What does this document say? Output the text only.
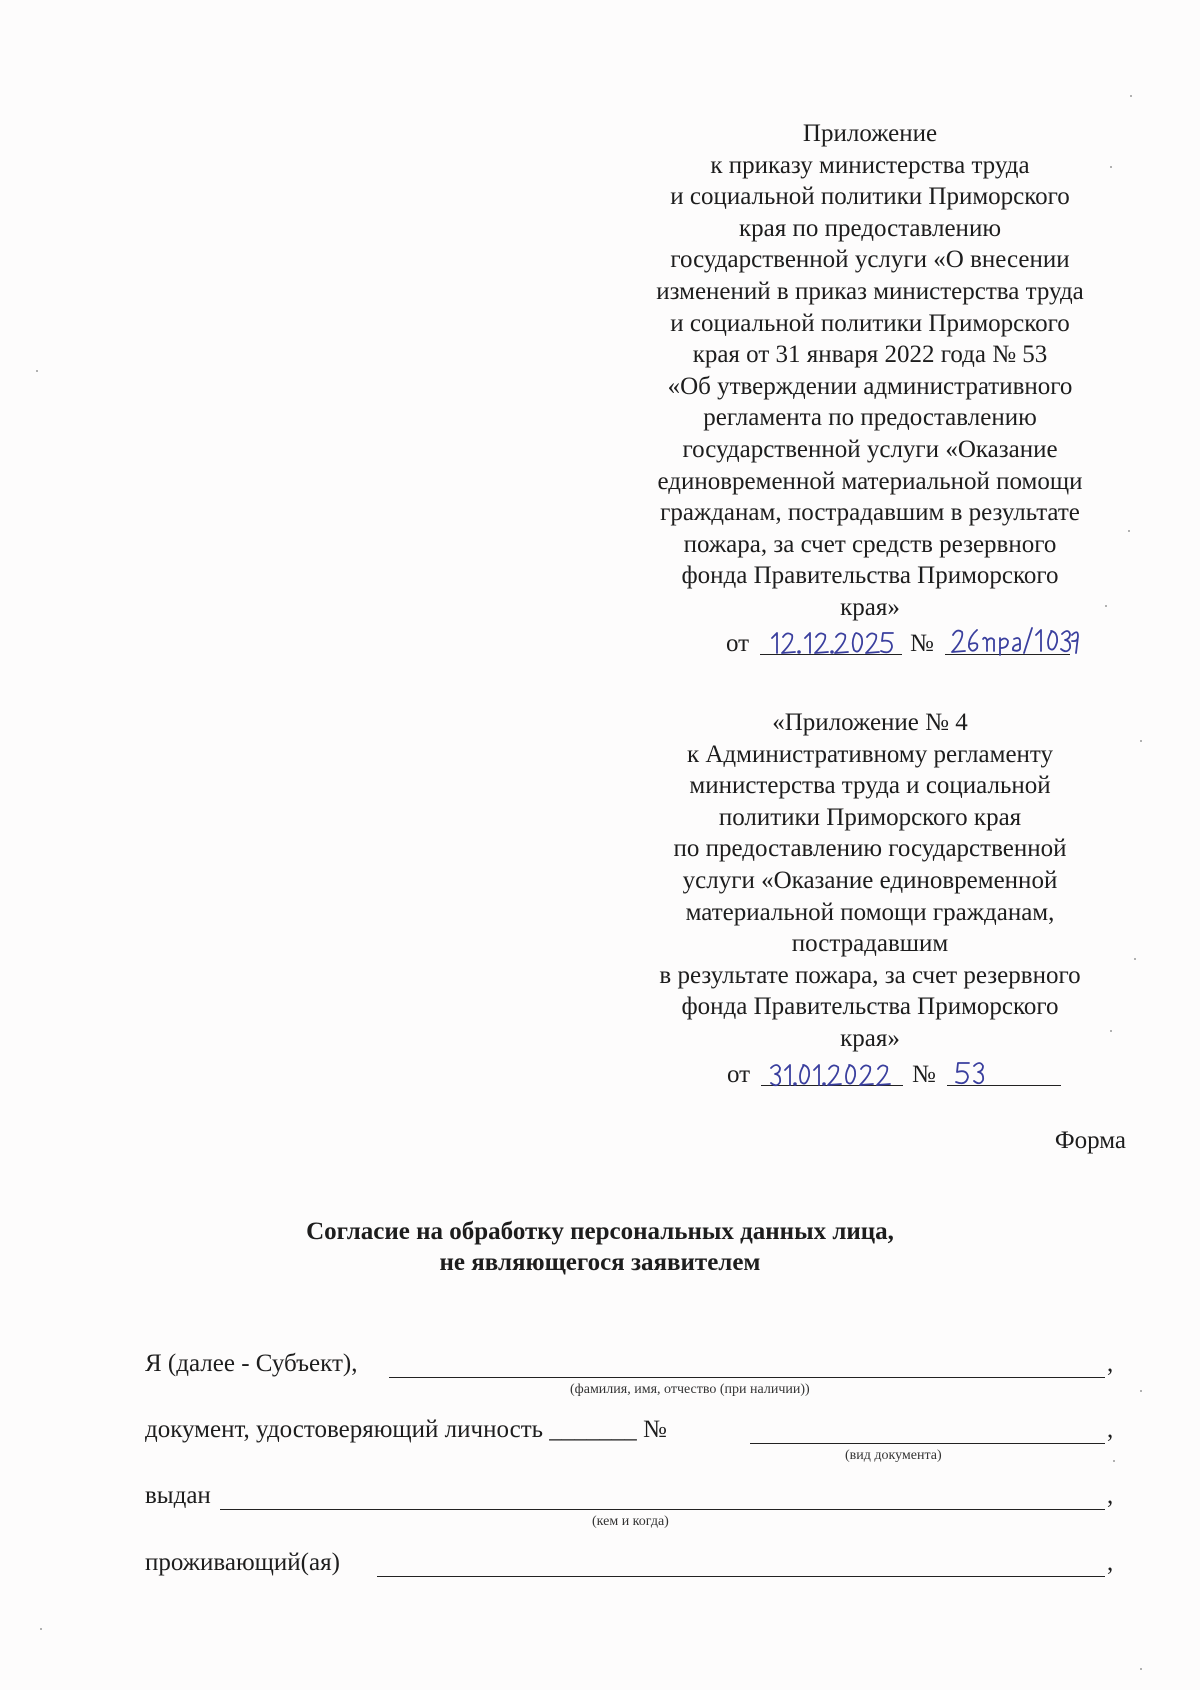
Приложение
к приказу министерства труда
и социальной политики Приморского
края по предоставлению
государственной услуги «О внесении
изменений в приказ министерства труда
и социальной политики Приморского
края от 31 января 2022 года № 53
«Об утверждении административного
регламента по предоставлению
государственной услуги «Оказание
единовременной материальной помощи
гражданам, пострадавшим в результате
пожара, за счет средств резервного
фонда Правительства Приморского
края»
от	№
«Приложение № 4
к Административному регламенту
министерства труда и социальной
политики Приморского края
по предоставлению государственной
услуги «Оказание единовременной
материальной помощи гражданам,
пострадавшим
в результате пожара, за счет резервного
фонда Правительства Приморского
края»
от	№
Форма
Согласие на обработку персональных данных лица,
не являющегося заявителем
Я (далее - Субъект),	,
(фамилия, имя, отчество (при наличии))
документ, удостоверяющий личность _______ №	,
(вид документа)
выдан	,
(кем и когда)
проживающий(ая)	,
